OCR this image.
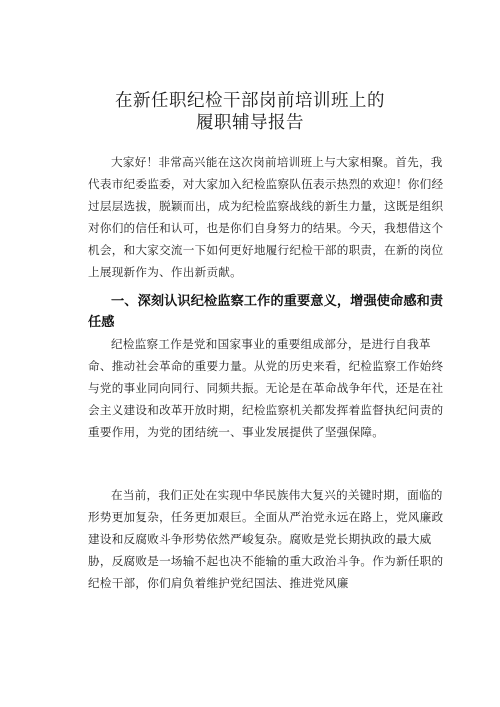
在新任职纪检干部岗前培训班上的
履职辅导报告

大家好！非常高兴能在这次岗前培训班上与大家相聚。首先，我代表市纪委监委，对大家加入纪检监察队伍表示热烈的欢迎！你们经过层层选拔，脱颖而出，成为纪检监察战线的新生力量，这既是组织对你们的信任和认可，也是你们自身努力的结果。今天，我想借这个机会，和大家交流一下如何更好地履行纪检干部的职责，在新的岗位上展现新作为、作出新贡献。

一、深刻认识纪检监察工作的重要意义，增强使命感和责任感

纪检监察工作是党和国家事业的重要组成部分，是进行自我革命、推动社会革命的重要力量。从党的历史来看，纪检监察工作始终与党的事业同向同行、同频共振。无论是在革命战争年代，还是在社会主义建设和改革开放时期，纪检监察机关都发挥着监督执纪问责的重要作用，为党的团结统一、事业发展提供了坚强保障。

在当前，我们正处在实现中华民族伟大复兴的关键时期，面临的形势更加复杂，任务更加艰巨。全面从严治党永远在路上，党风廉政建设和反腐败斗争形势依然严峻复杂。腐败是党长期执政的最大威胁，反腐败是一场输不起也决不能输的重大政治斗争。作为新任职的纪检干部，你们肩负着维护党纪国法、推进党风廉
